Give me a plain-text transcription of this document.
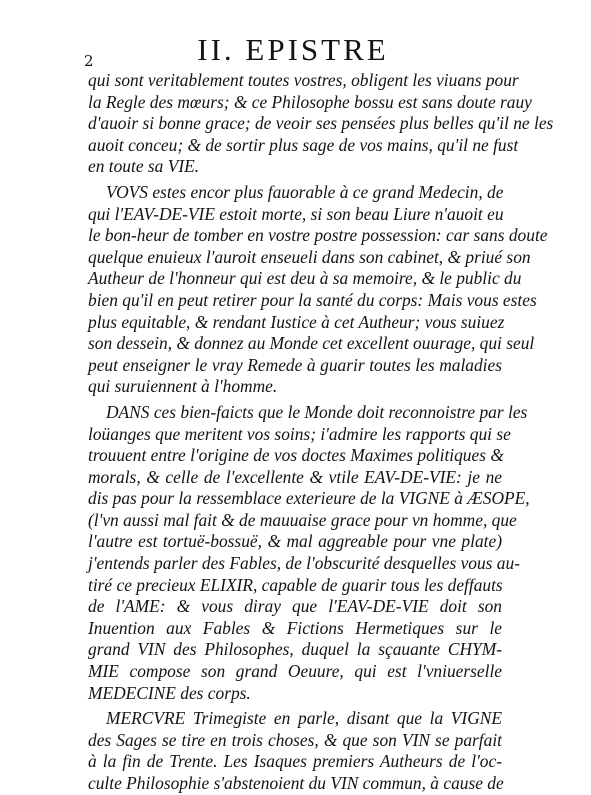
2	II. EPISTRE
qui sont veritablement toutes vostres, obligent les viuans pour
la Regle des mœurs; & ce Philosophe bossu est sans doute rauy
d'auoir si bonne grace; de veoir ses pensées plus belles qu'il ne les
auoit conceu; & de sortir plus sage de vos mains, qu'il ne fust
en toute sa VIE.
VOVS estes encor plus fauorable à ce grand Medecin, de
qui l'EAV-DE-VIE estoit morte, si son beau Liure n'auoit eu
le bon-heur de tomber en vostre postre possession: car sans doute
quelque enuieux l'auroit enseueli dans son cabinet, & priué son
Autheur de l'honneur qui est deu à sa memoire, & le public du
bien qu'il en peut retirer pour la santé du corps: Mais vous estes
plus equitable, & rendant Iustice à cet Autheur; vous suiuez
son dessein, & donnez au Monde cet excellent ouurage, qui seul
peut enseigner le vray Remede à guarir toutes les maladies
qui suruiennent à l'homme.
DANS ces bien-faicts que le Monde doit reconnoistre par les
loüanges que meritent vos soins; i'admire les rapports qui se
trouuent entre l'origine de vos doctes Maximes politiques &
morals, & celle de l'excellente & vtile EAV-DE-VIE: je ne
dis pas pour la ressemblace exterieure de la VIGNE à ÆSOPE,
(l'vn aussi mal fait & de mauuaise grace pour vn homme, que
l'autre est tortuë-bossuë, & mal aggreable pour vne plate)
j'entends parler des Fables, de l'obscurité desquelles vous au-
tiré ce precieux ELIXIR, capable de guarir tous les deffauts
de l'AME: & vous diray que l'EAV-DE-VIE doit son
Inuention aux Fables & Fictions Hermetiques sur le
grand VIN des Philosophes, duquel la sçauante CHYM-
MIE compose son grand Oeuure, qui est l'vniuerselle
MEDECINE des corps.
MERCVRE Trimegiste en parle, disant que la VIGNE
des Sages se tire en trois choses, & que son VIN se parfait
à la fin de Trente. Les Isaques premiers Autheurs de l'oc-
culte Philosophie s'abstenoient du VIN commun, à cause de
